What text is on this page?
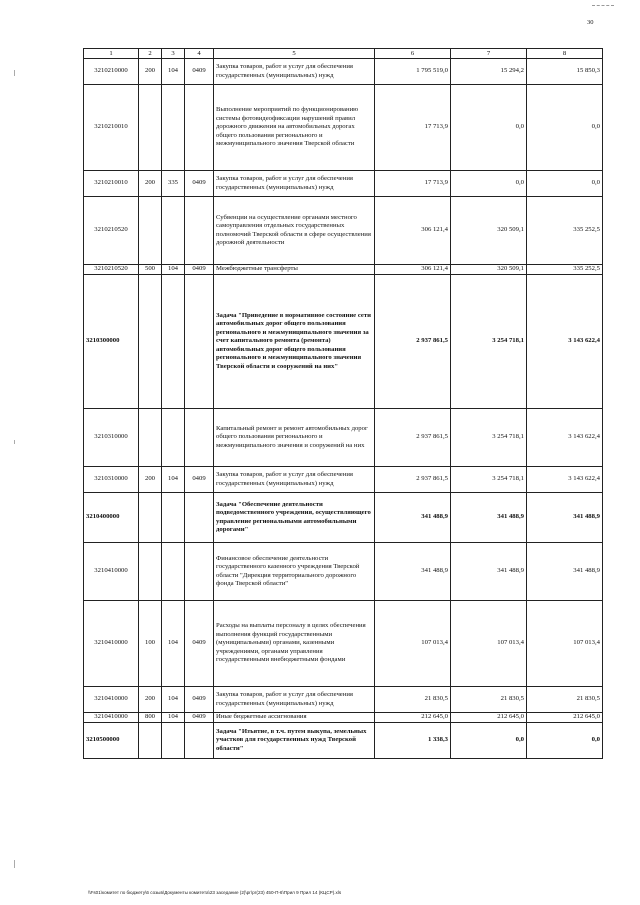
30
1	2	3	4	5	6	7	8
3210210000	200	104	0409	Закупка товаров, работ и услуг для обеспечения государственных (муниципальных) нужд	1 795 519,0	15 294,2	15 850,3
3210210010				Выполнение мероприятий по функционированию системы фотовидеофиксации нарушений правил дорожного движения на автомобильных дорогах общего пользования регионального и межмуниципального значения Тверской области	17 713,9	0,0	0,0
3210210010	200	335	0409	Закупка товаров, работ и услуг для обеспечения государственных (муниципальных) нужд	17 713,9	0,0	0,0
3210210520				Субвенции на осуществление органами местного самоуправления отдельных государственных полномочий Тверской области в сфере осуществления дорожной деятельности	306 121,4	320 509,1	335 252,5
3210210520	500	104	0409	Межбюджетные трансферты	306 121,4	320 509,1	335 252,5
3210300000				Задача "Приведение в нормативное состояние сети автомобильных дорог общего пользования регионального и межмуниципального значения за счет капитального ремонта (ремонта) автомобильных дорог общего пользования регионального и межмуниципального значения Тверской области и сооружений на них"	2 937 861,5	3 254 718,1	3 143 622,4
3210310000				Капитальный ремонт и ремонт автомобильных дорог общего пользования регионального и межмуниципального значения и сооружений на них	2 937 861,5	3 254 718,1	3 143 622,4
3210310000	200	104	0409	Закупка товаров, работ и услуг для обеспечения государственных (муниципальных) нужд	2 937 861,5	3 254 718,1	3 143 622,4
3210400000				Задача "Обеспечение деятельности подведомственного учреждения, осуществляющего управление региональными автомобильными дорогами"	341 488,9	341 488,9	341 488,9
3210410000				Финансовое обеспечение деятельности государственного казенного учреждения Тверской области "Дирекция территориального дорожного фонда Тверской области"	341 488,9	341 488,9	341 488,9
3210410000	100	104	0409	Расходы на выплаты персоналу в целях обеспечения выполнения функций государственными (муниципальными) органами, казенными учреждениями, органами управления государственными внебюджетными фондами	107 013,4	107 013,4	107 013,4
3210410000	200	104	0409	Закупка товаров, работ и услуг для обеспечения государственных (муниципальных) нужд	21 830,5	21 830,5	21 830,5
3210410000	800	104	0409	Иные бюджетные ассигнования	212 645,0	212 645,0	212 645,0
3210500000				Задача "Изъятие, в т.ч. путем выкупа, земельных участков для государственных нужд Тверской области"	1 338,3	0,0	0,0
\\Fs01\комитет по бюджету\6 созыв\Документы комитета\23 заседание (2)\рг\рг(23) 450-П-6\Прил 9 Прил 14 (КЦСР).xls
